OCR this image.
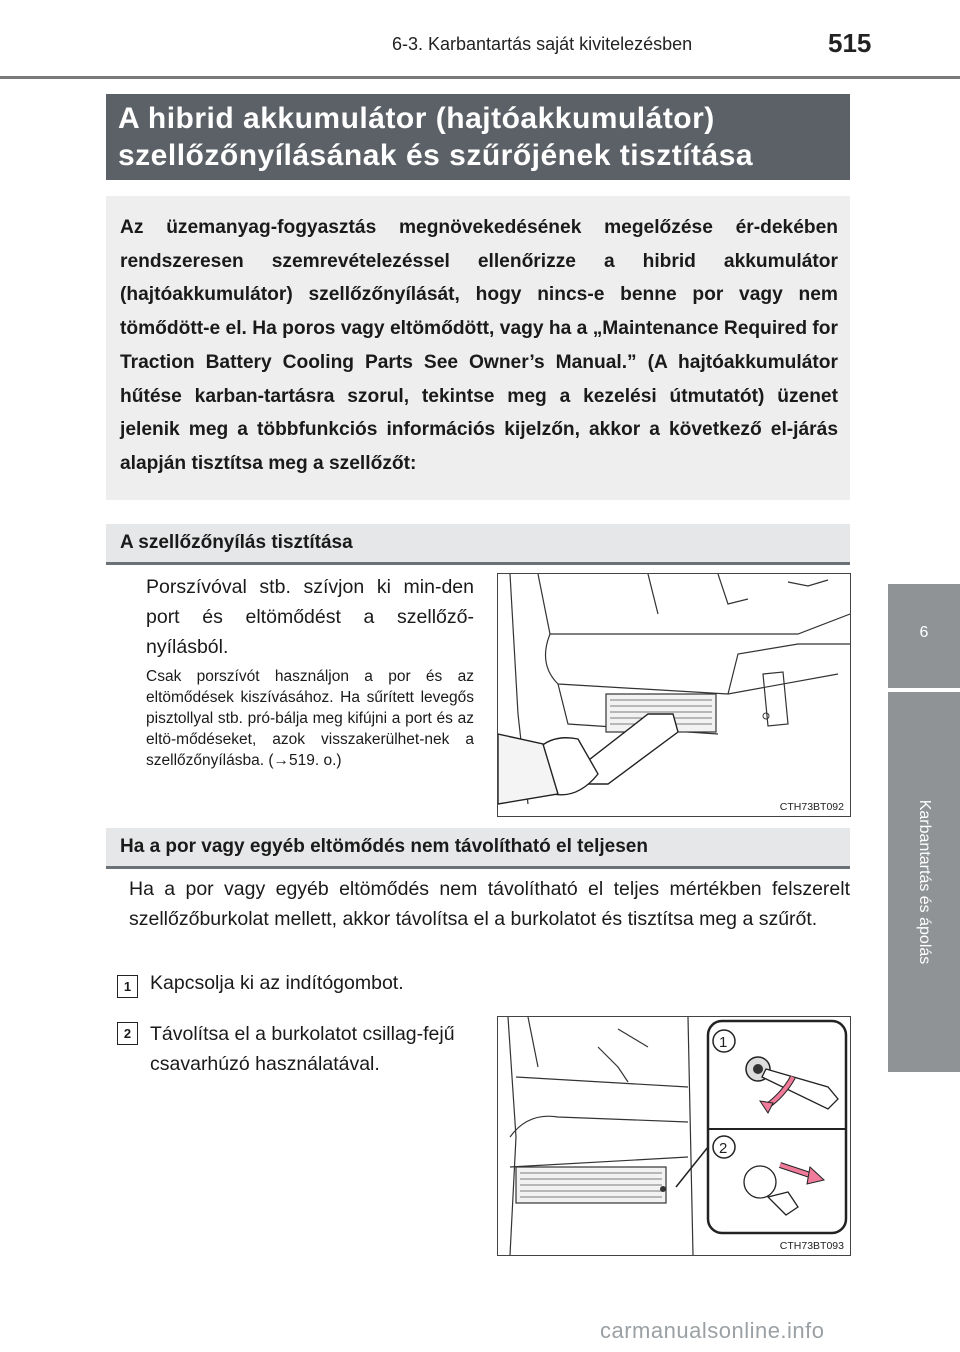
6-3. Karbantartás saját kivitelezésben	515
6
Karbantartás és ápolás
A hibrid akkumulátor (hajtóakkumulátor)
szellőzőnyílásának és szűrőjének tisztítása
Az üzemanyag-fogyasztás megnövekedésének megelőzése ér-dekében rendszeresen szemrevételezéssel ellenőrizze a hibrid akkumulátor (hajtóakkumulátor) szellőzőnyílását, hogy nincs-e benne por vagy nem tömődött-e el. Ha poros vagy eltömődött, vagy ha a „Maintenance Required for Traction Battery Cooling Parts See Owner’s Manual.” (A hajtóakkumulátor hűtése karban-tartásra szorul, tekintse meg a kezelési útmutatót) üzenet jelenik meg a többfunkciós információs kijelzőn, akkor a következő el-járás alapján tisztítsa meg a szellőzőt:
A szellőzőnyílás tisztítása
Porszívóval stb. szívjon ki min-den port és eltömődést a szellőző-nyílásból.
Csak porszívót használjon a por és az eltömődések kiszívásához. Ha sűrített levegős pisztollyal stb. pró-bálja meg kifújni a port és az eltö-mődéseket, azok visszakerülhet-nek a szellőzőnyílásba. (→519. o.)
CTH73BT092
Ha a por vagy egyéb eltömődés nem távolítható el teljesen
Ha a por vagy egyéb eltömődés nem távolítható el teljes mértékben felszerelt szellőzőburkolat mellett, akkor távolítsa el a burkolatot és tisztítsa meg a szűrőt.
1 Kapcsolja ki az indítógombot.
2 Távolítsa el a burkolatot csillag-fejű csavarhúzó használatával.
1
2
CTH73BT093
carmanualsonline.info
